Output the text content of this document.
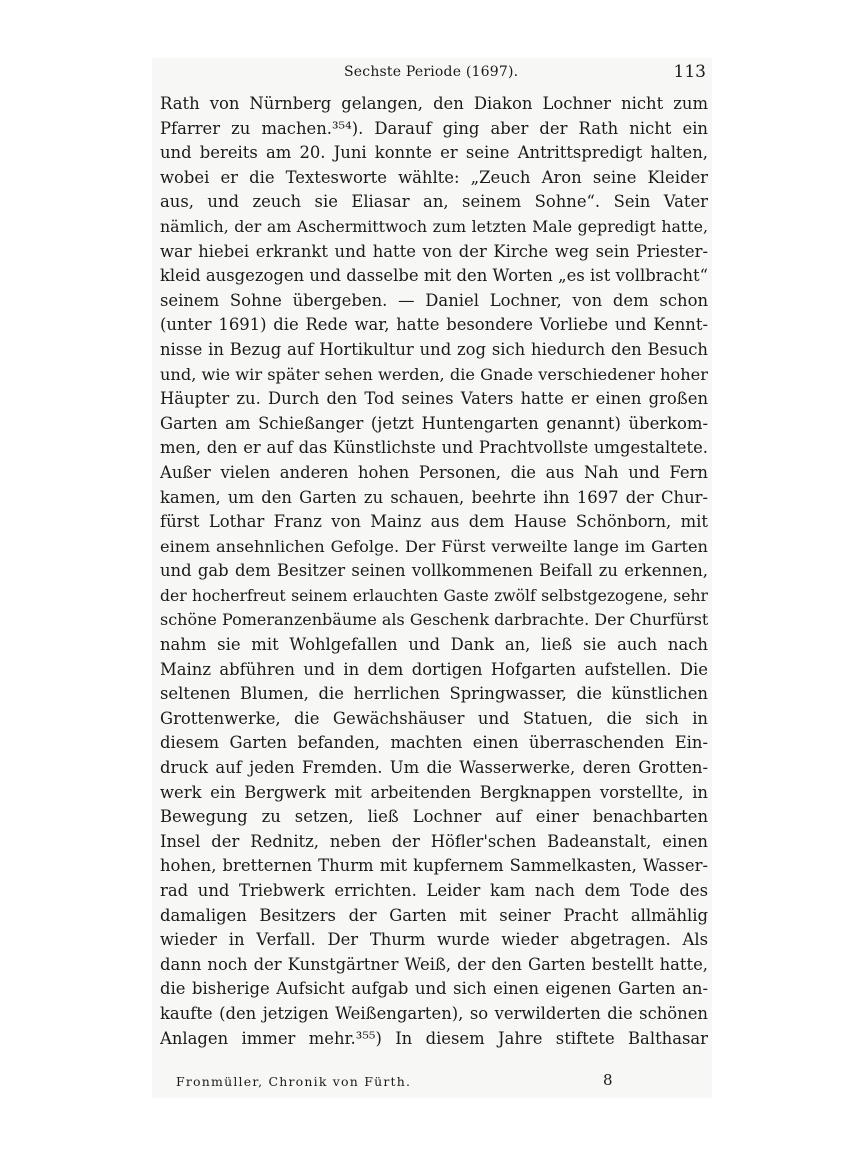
Sechste Periode (1697).	113
Rath von Nürnberg gelangen, den Diakon Lochner nicht zum
Pfarrer zu machen.³⁵⁴). Darauf ging aber der Rath nicht ein
und bereits am 20. Juni konnte er seine Antrittspredigt halten,
wobei er die Textesworte wählte: „Zeuch Aron seine Kleider
aus, und zeuch sie Eliasar an, seinem Sohne“. Sein Vater
nämlich, der am Aschermittwoch zum letzten Male gepredigt hatte,
war hiebei erkrankt und hatte von der Kirche weg sein Priester-
kleid ausgezogen und dasselbe mit den Worten „es ist vollbracht“
seinem Sohne übergeben. — Daniel Lochner, von dem schon
(unter 1691) die Rede war, hatte besondere Vorliebe und Kennt-
nisse in Bezug auf Hortikultur und zog sich hiedurch den Besuch
und, wie wir später sehen werden, die Gnade verschiedener hoher
Häupter zu. Durch den Tod seines Vaters hatte er einen großen
Garten am Schießanger (jetzt Huntengarten genannt) überkom-
men, den er auf das Künstlichste und Prachtvollste umgestaltete.
Außer vielen anderen hohen Personen, die aus Nah und Fern
kamen, um den Garten zu schauen, beehrte ihn 1697 der Chur-
fürst Lothar Franz von Mainz aus dem Hause Schönborn, mit
einem ansehnlichen Gefolge. Der Fürst verweilte lange im Garten
und gab dem Besitzer seinen vollkommenen Beifall zu erkennen,
der hocherfreut seinem erlauchten Gaste zwölf selbstgezogene, sehr
schöne Pomeranzenbäume als Geschenk darbrachte. Der Churfürst
nahm sie mit Wohlgefallen und Dank an, ließ sie auch nach
Mainz abführen und in dem dortigen Hofgarten aufstellen. Die
seltenen Blumen, die herrlichen Springwasser, die künstlichen
Grottenwerke, die Gewächshäuser und Statuen, die sich in
diesem Garten befanden, machten einen überraschenden Ein-
druck auf jeden Fremden. Um die Wasserwerke, deren Grotten-
werk ein Bergwerk mit arbeitenden Bergknappen vorstellte, in
Bewegung zu setzen, ließ Lochner auf einer benachbarten
Insel der Rednitz, neben der Höfler'schen Badeanstalt, einen
hohen, bretternen Thurm mit kupfernem Sammelkasten, Wasser-
rad und Triebwerk errichten. Leider kam nach dem Tode des
damaligen Besitzers der Garten mit seiner Pracht allmählig
wieder in Verfall. Der Thurm wurde wieder abgetragen. Als
dann noch der Kunstgärtner Weiß, der den Garten bestellt hatte,
die bisherige Aufsicht aufgab und sich einen eigenen Garten an-
kaufte (den jetzigen Weißengarten), so verwilderten die schönen
Anlagen immer mehr.³⁵⁵) In diesem Jahre stiftete Balthasar
Fronmüller, Chronik von Fürth.	8
